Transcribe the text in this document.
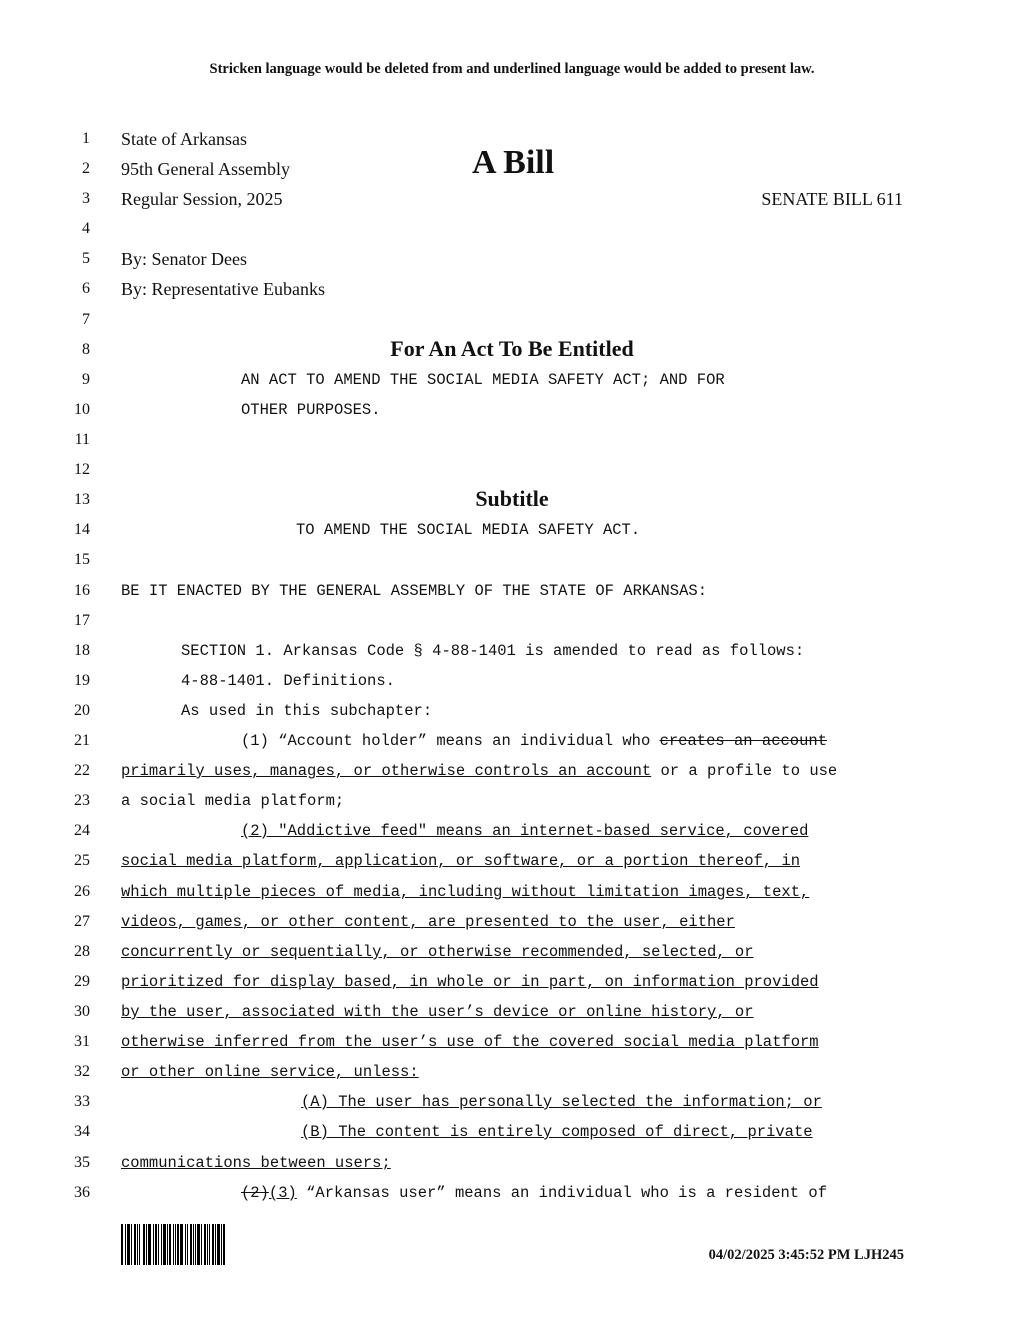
Stricken language would be deleted from and underlined language would be added to present law.
1
2
3
4
5
6
7
8
9
10
11
12
13
14
15
16
17
18
19
20
21
22
23
24
25
26
27
28
29
30
31
32
33
34
35
36
State of Arkansas
95th General Assembly
Regular Session, 2025
A Bill
SENATE BILL 611
By: Senator Dees
By: Representative Eubanks
For An Act To Be Entitled
AN ACT TO AMEND THE SOCIAL MEDIA SAFETY ACT; AND FOR
OTHER PURPOSES.
Subtitle
TO AMEND THE SOCIAL MEDIA SAFETY ACT.
BE IT ENACTED BY THE GENERAL ASSEMBLY OF THE STATE OF ARKANSAS:
SECTION 1. Arkansas Code § 4-88-1401 is amended to read as follows:
4-88-1401. Definitions.
As used in this subchapter:
(1) “Account holder” means an individual who creates an account
primarily uses, manages, or otherwise controls an account or a profile to use
a social media platform;
(2) "Addictive feed" means an internet-based service, covered
social media platform, application, or software, or a portion thereof, in
which multiple pieces of media, including without limitation images, text,
videos, games, or other content, are presented to the user, either
concurrently or sequentially, or otherwise recommended, selected, or
prioritized for display based, in whole or in part, on information provided
by the user, associated with the user’s device or online history, or
otherwise inferred from the user’s use of the covered social media platform
or other online service, unless:
(A) The user has personally selected the information; or
(B) The content is entirely composed of direct, private
communications between users;
(2)(3) “Arkansas user” means an individual who is a resident of
04/02/2025 3:45:52 PM LJH245
